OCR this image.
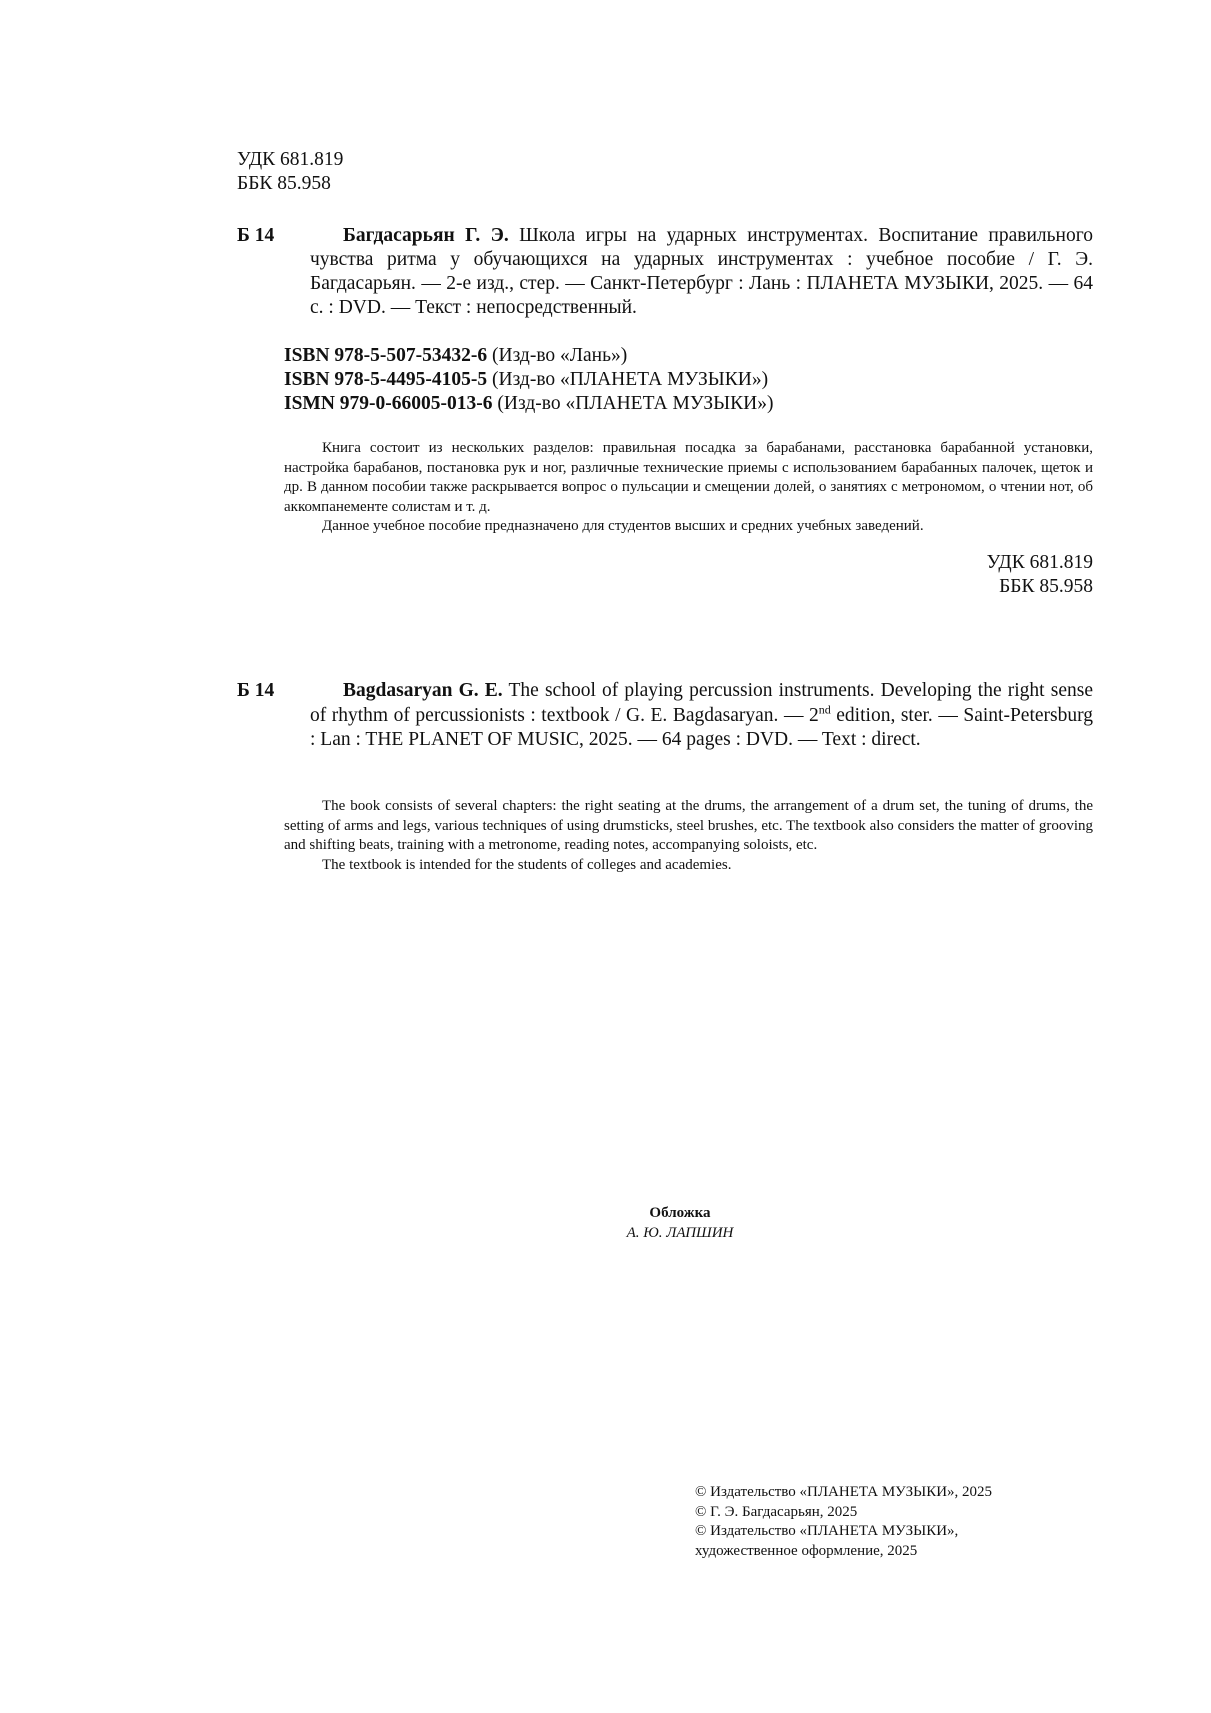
УДК 681.819
ББК 85.958
Б 14	Багдасарьян Г. Э. Школа игры на ударных инструментах. Воспитание правильного чувства ритма у обучающихся на ударных инструментах : учебное пособие / Г. Э. Багдасарьян. — 2-е изд., стер. — Санкт-Петербург : Лань : ПЛАНЕТА МУЗЫКИ, 2025. — 64 с. : DVD. — Текст : непосредственный.

ISBN 978-5-507-53432-6 (Изд-во «Лань»)
ISBN 978-5-4495-4105-5 (Изд-во «ПЛАНЕТА МУЗЫКИ»)
ISMN 979-0-66005-013-6 (Изд-во «ПЛАНЕТА МУЗЫКИ»)

Книга состоит из нескольких разделов: правильная посадка за барабанами, расстановка барабанной установки, настройка барабанов, постановка рук и ног, различные технические приемы с использованием барабанных палочек, щеток и др. В данном пособии также раскрывается вопрос о пульсации и смещении долей, о занятиях с метрономом, о чтении нот, об аккомпанементе солистам и т. д.

Данное учебное пособие предназначено для студентов высших и средних учебных заведений.

УДК 681.819
ББК 85.958
Б 14	Bagdasaryan G. E. The school of playing percussion instruments. Developing the right sense of rhythm of percussionists : textbook / G. E. Bagdasaryan. — 2nd edition, ster. — Saint-Petersburg : Lan : THE PLANET OF MUSIC, 2025. — 64 pages : DVD. — Text : direct.

The book consists of several chapters: the right seating at the drums, the arrangement of a drum set, the tuning of drums, the setting of arms and legs, various techniques of using drumsticks, steel brushes, etc. The textbook also considers the matter of grooving and shifting beats, training with a metronome, reading notes, accompanying soloists, etc.

The textbook is intended for the students of colleges and academies.

Обложка
А. Ю. ЛАПШИН
© Издательство «ПЛАНЕТА МУЗЫКИ», 2025
© Г. Э. Багдасарьян, 2025
© Издательство «ПЛАНЕТА МУЗЫКИ»,
художественное оформление, 2025
